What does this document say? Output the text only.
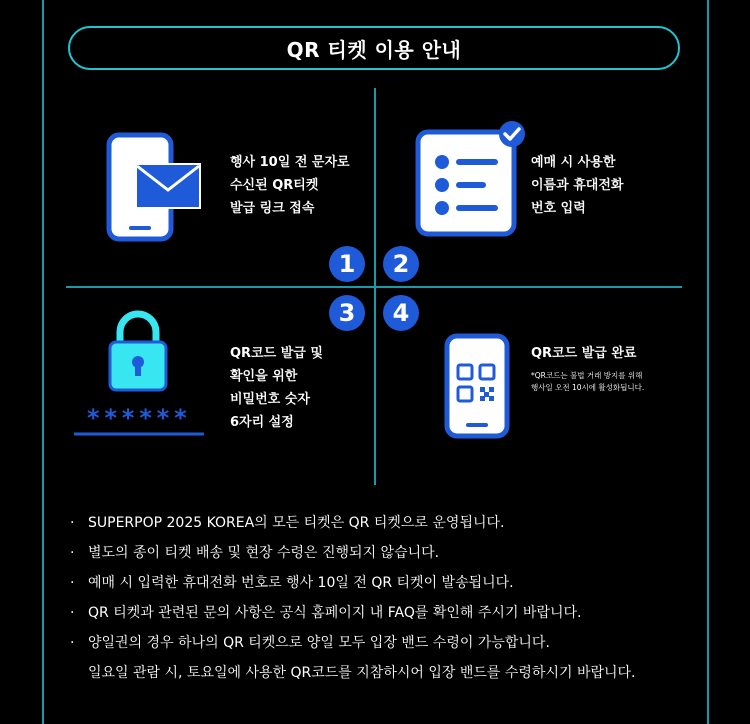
QR 티켓 이용 안내
행사 10일 전 문자로
수신된 QR티켓
발급 링크 접속
예매 시 사용한
이름과 휴대전화
번호 입력
1	2
3	4
******
QR코드 발급 및
확인을 위한
비밀번호 숫자
6자리 설정
QR코드 발급 완료
*QR코드는 불법 거래 방지를 위해
행사일 오전 10시에 활성화됩니다.
· SUPERPOP 2025 KOREA의 모든 티켓은 QR 티켓으로 운영됩니다.
· 별도의 종이 티켓 배송 및 현장 수령은 진행되지 않습니다.
· 예매 시 입력한 휴대전화 번호로 행사 10일 전 QR 티켓이 발송됩니다.
· QR 티켓과 관련된 문의 사항은 공식 홈페이지 내 FAQ를 확인해 주시기 바랍니다.
· 양일권의 경우 하나의 QR 티켓으로 양일 모두 입장 밴드 수령이 가능합니다.
일요일 관람 시, 토요일에 사용한 QR코드를 지참하시어 입장 밴드를 수령하시기 바랍니다.
